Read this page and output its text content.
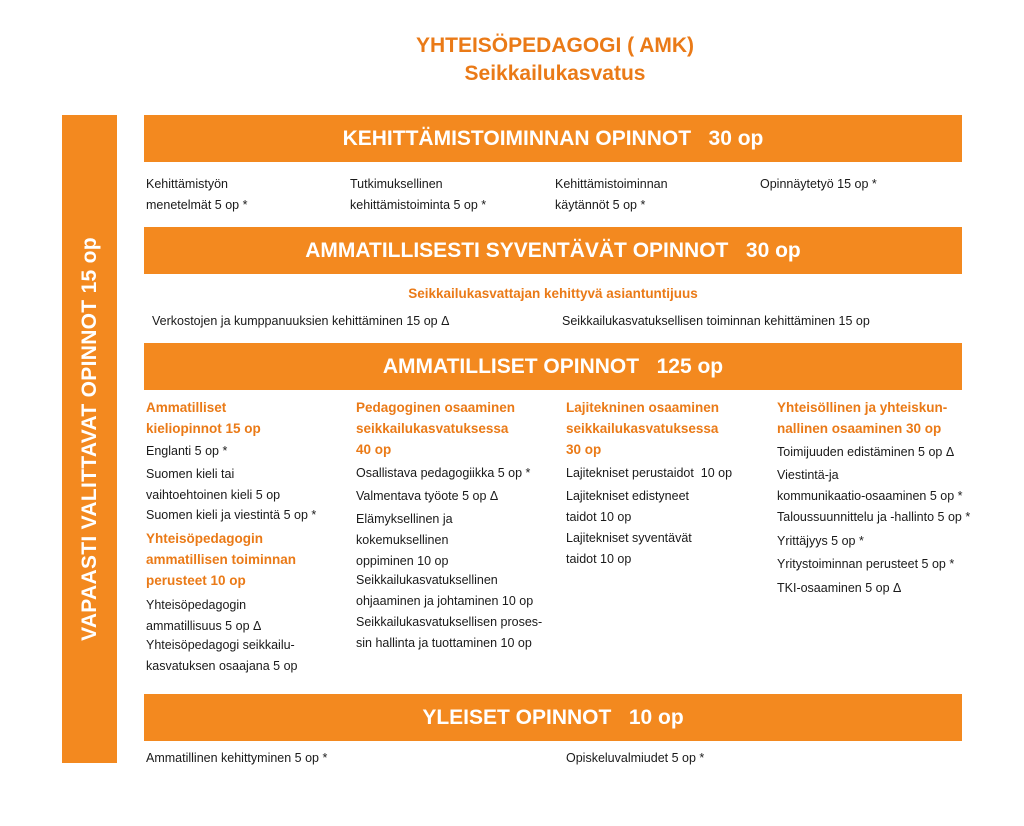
YHTEISÖPEDAGOGI ( AMK)
Seikkailukasvatus
VAPAASTI VALITTAVAT OPINNOT 15 op
KEHITTÄMISTOIMINNAN OPINNOT   30 op
Kehittämistyön
menetelmät 5 op *
Tutkimuksellinen
kehittämistoiminta 5 op *
Kehittämistoiminnan
käytännöt 5 op *
Opinnäytetyö 15 op *
AMMATILLISESTI SYVENTÄVÄT OPINNOT   30 op
Seikkailukasvattajan kehittyvä asiantuntijuus
Verkostojen ja kumppanuuksien kehittäminen 15 op Δ	Seikkailukasvatuksellisen toiminnan kehittäminen 15 op
AMMATILLISET OPINNOT   125 op
Ammatilliset
kieliopinnot 15 op
Englanti 5 op *
Suomen kieli tai
vaihtoehtoinen kieli 5 op
Suomen kieli ja viestintä 5 op *
Yhteisöpedagogin
ammatillisen toiminnan
perusteet 10 op
Yhteisöpedagogin
ammatillisuus 5 op Δ
Yhteisöpedagogi seikkailu-
kasvatuksen osaajana 5 op
Pedagoginen osaaminen
seikkailukasvatuksessa
40 op
Osallistava pedagogiikka 5 op *
Valmentava työote 5 op Δ
Elämyksellinen ja
kokemuksellinen
oppiminen 10 op
Seikkailukasvatuksellinen
ohjaaminen ja johtaminen 10 op
Seikkailukasvatuksellisen proses-
sin hallinta ja tuottaminen 10 op
Lajitekninen osaaminen
seikkailukasvatuksessa
30 op
Lajitekniset perustaidot  10 op
Lajitekniset edistyneet
taidot 10 op
Lajitekniset syventävät
taidot 10 op
Yhteisöllinen ja yhteiskun-
nallinen osaaminen 30 op
Toimijuuden edistäminen 5 op Δ
Viestintä-ja
kommunikaatio-osaaminen 5 op *
Taloussuunnittelu ja -hallinto 5 op *
Yrittäjyys 5 op *
Yritystoiminnan perusteet 5 op *
TKI-osaaminen 5 op Δ
YLEISET OPINNOT   10 op
Ammatillinen kehittyminen 5 op *	Opiskeluvalmiudet 5 op *
